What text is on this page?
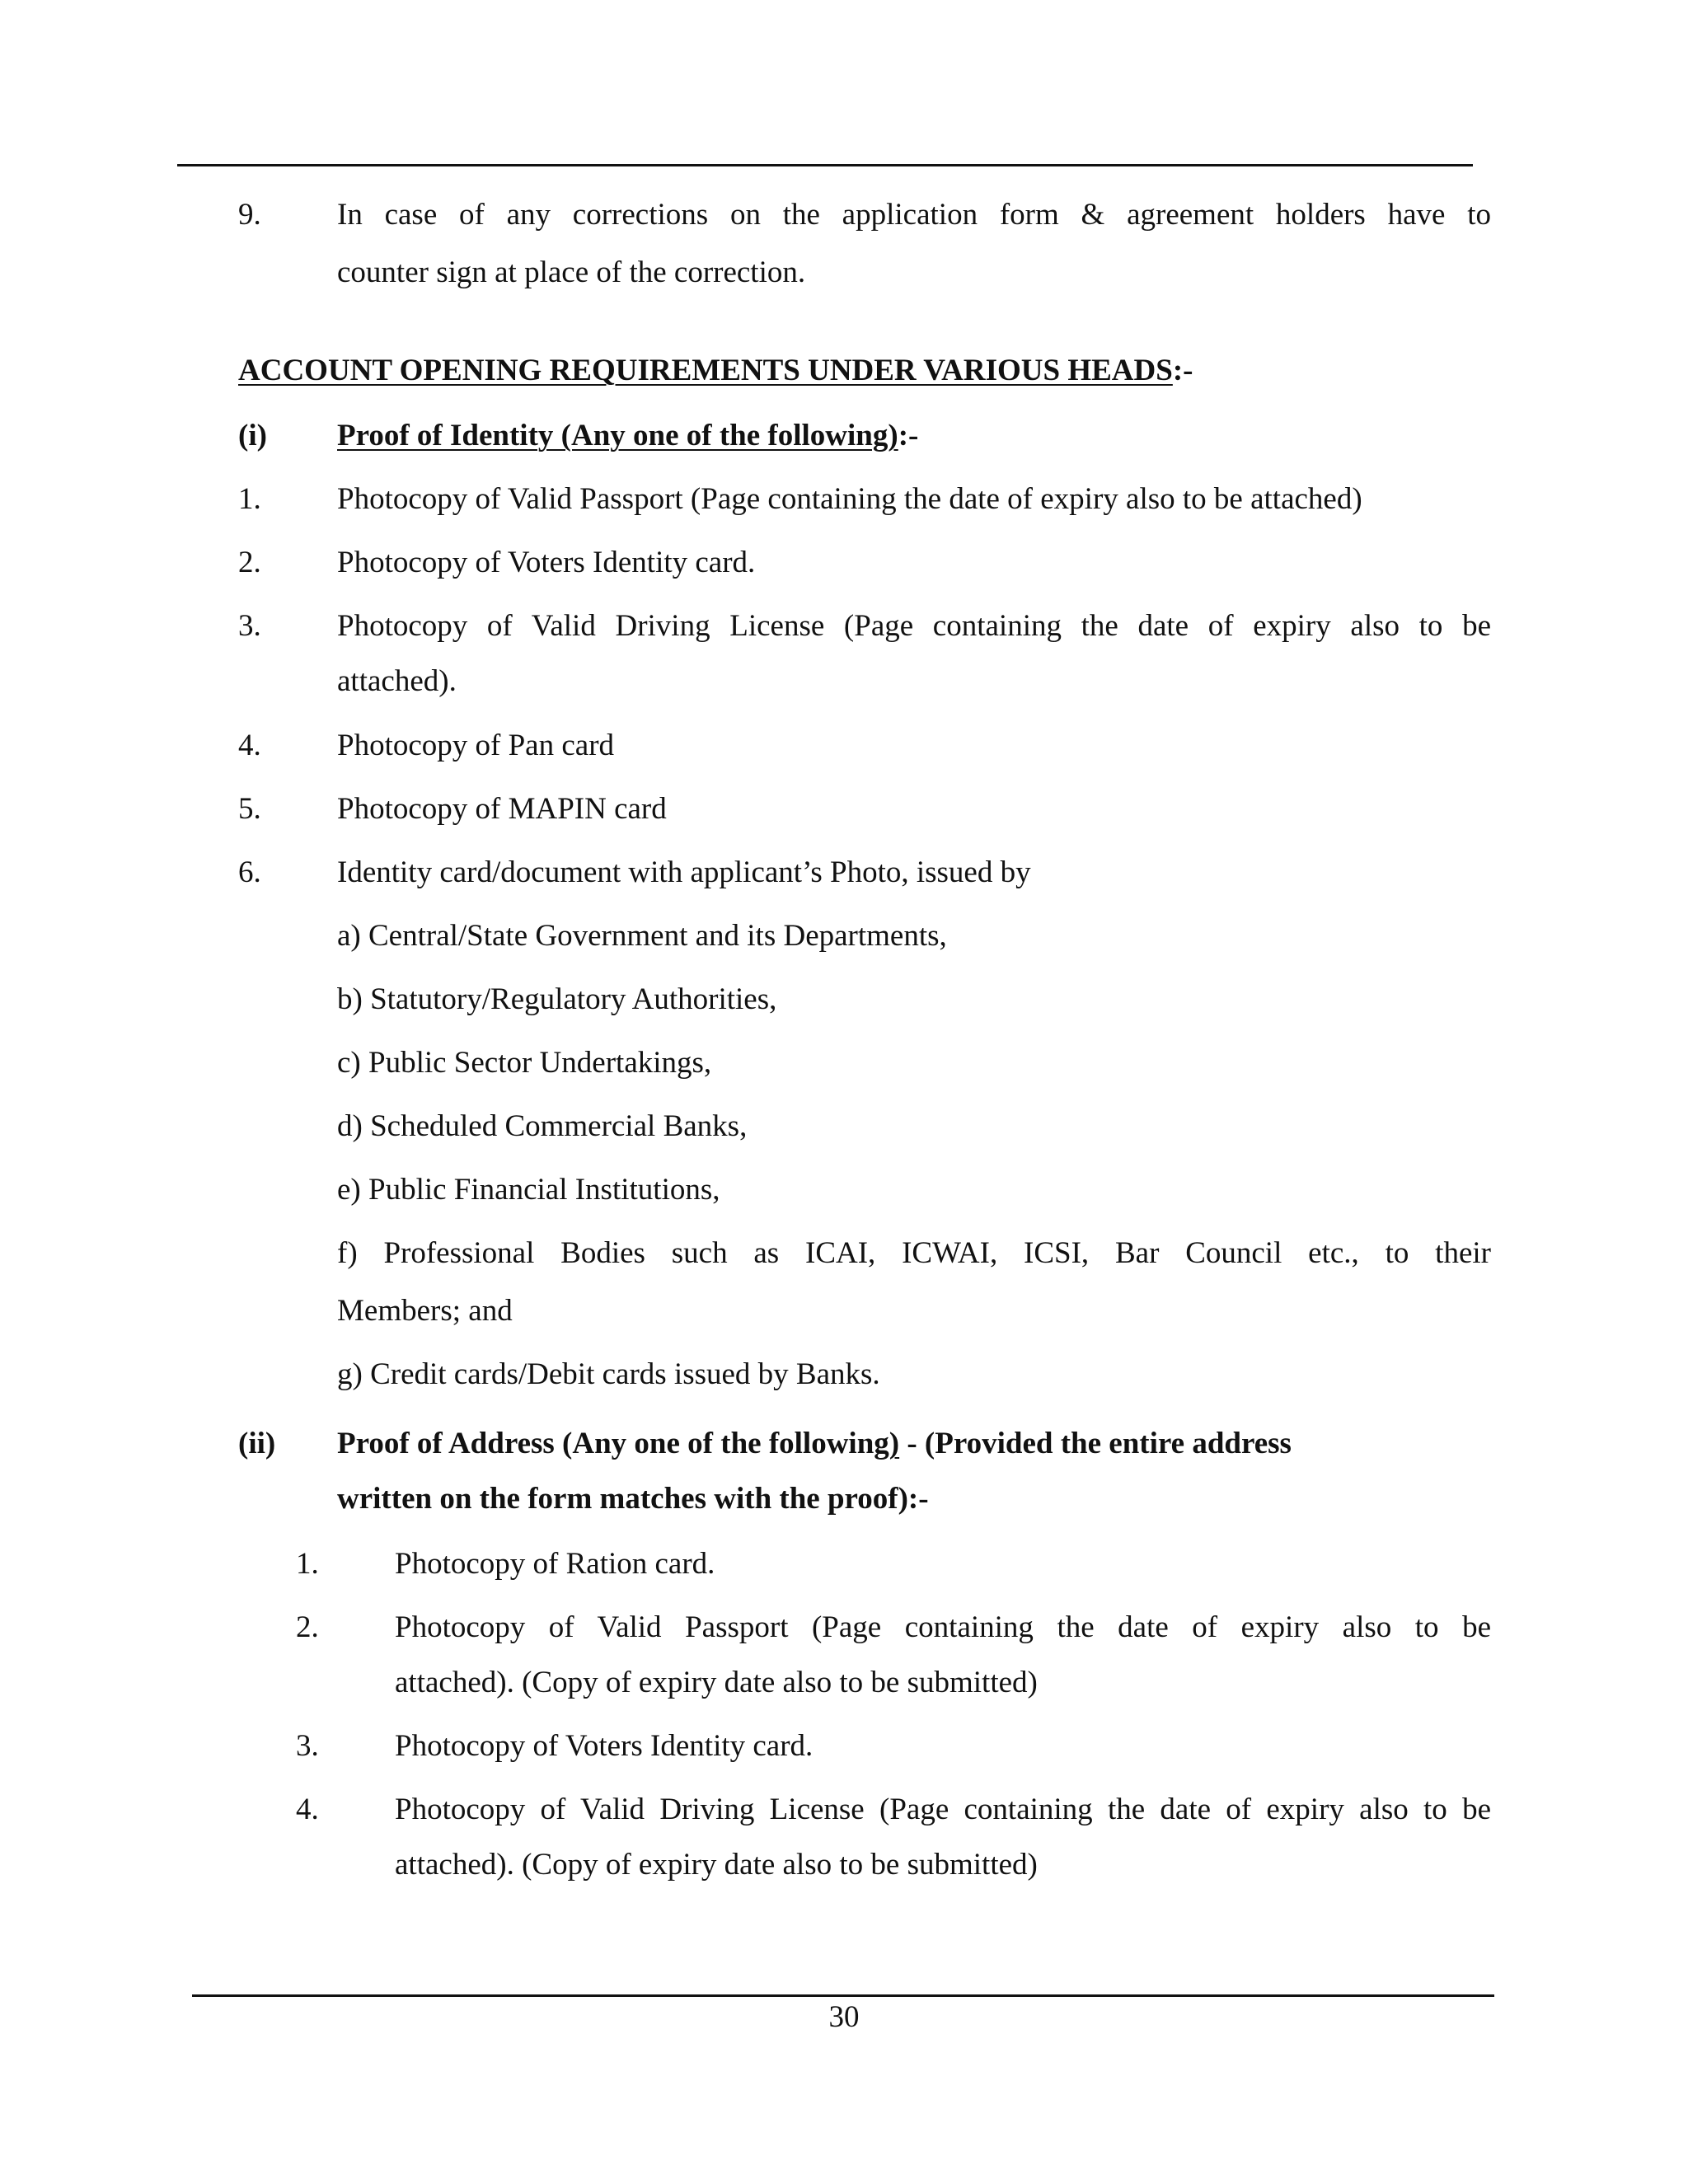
9. In case of any corrections on the application form & agreement holders have to
counter sign at place of the correction.
ACCOUNT OPENING REQUIREMENTS UNDER VARIOUS HEADS:-
(i) Proof of Identity (Any one of the following):-
1. Photocopy of Valid Passport (Page containing the date of expiry also to be attached)
2. Photocopy of Voters Identity card.
3. Photocopy of Valid Driving License (Page containing the date of expiry also to be
attached).
4. Photocopy of Pan card
5. Photocopy of MAPIN card
6. Identity card/document with applicant’s Photo, issued by
a) Central/State Government and its Departments,
b) Statutory/Regulatory Authorities,
c) Public Sector Undertakings,
d) Scheduled Commercial Banks,
e) Public Financial Institutions,
f) Professional Bodies such as ICAI, ICWAI, ICSI, Bar Council etc., to their
Members; and
g) Credit cards/Debit cards issued by Banks.
(ii) Proof of Address (Any one of the following) - (Provided the entire address
written on the form matches with the proof):-
1. Photocopy of Ration card.
2. Photocopy of Valid Passport (Page containing the date of expiry also to be
attached). (Copy of expiry date also to be submitted)
3. Photocopy of Voters Identity card.
4. Photocopy of Valid Driving License (Page containing the date of expiry also to be
attached). (Copy of expiry date also to be submitted)
30
